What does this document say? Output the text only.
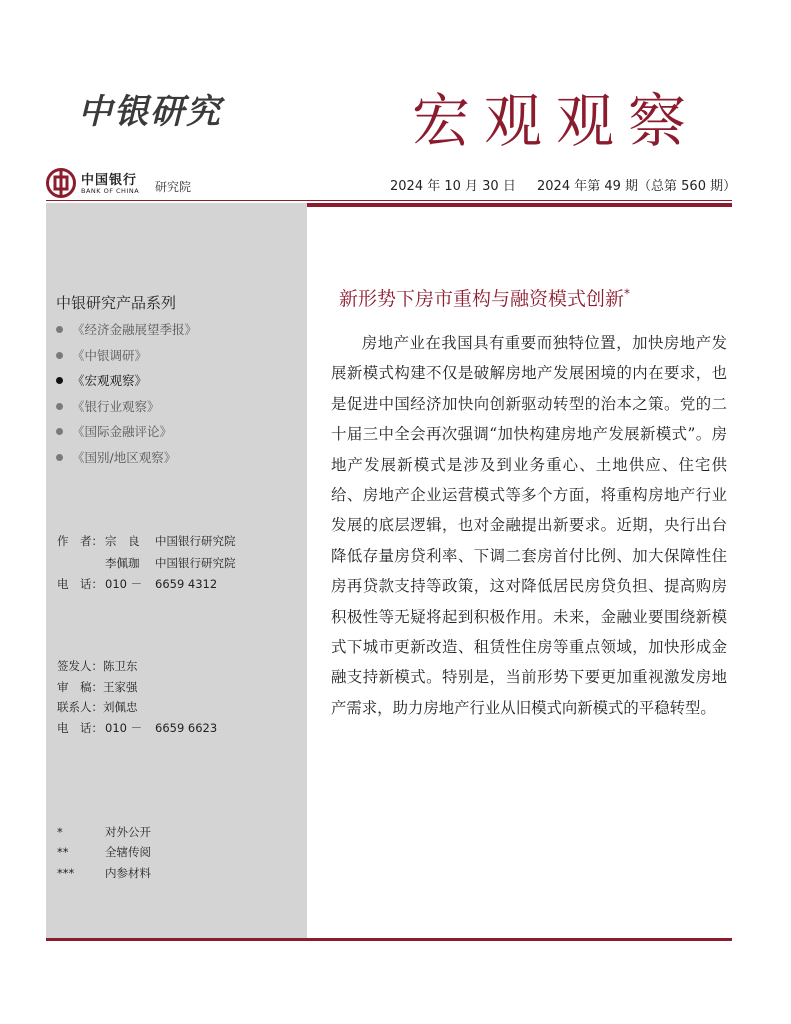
中银研究	宏观观察
中国银行
BANK OF CHINA 研究院	2024 年 10 月 30 日 2024 年第 49 期（总第 560 期）
中银研究产品系列
《经济金融展望季报》
《中银调研》
《宏观观察》
《银行业观察》
《国际金融评论》
《国别/地区观察》
作　者： 宗　良 中国银行研究院
李佩珈 中国银行研究院
电　话： 010 － 6659 4312
签发人：陈卫东
审　稿：王家强
联系人：刘佩忠
电　话： 010 － 6659 6623
*	对外公开
**	全辖传阅
***	内参材料
新形势下房市重构与融资模式创新*

房地产业在我国具有重要而独特位置，加快房地产发展新模式构建不仅是破解房地产发展困境的内在要求，也是促进中国经济加快向创新驱动转型的治本之策。党的二十届三中全会再次强调“加快构建房地产发展新模式”。房地产发展新模式是涉及到业务重心、土地供应、住宅供给、房地产企业运营模式等多个方面，将重构房地产行业发展的底层逻辑，也对金融提出新要求。近期，央行出台降低存量房贷利率、下调二套房首付比例、加大保障性住房再贷款支持等政策，这对降低居民房贷负担、提高购房积极性等无疑将起到积极作用。未来，金融业要围绕新模式下城市更新改造、租赁性住房等重点领域，加快形成金融支持新模式。特别是，当前形势下要更加重视激发房地产需求，助力房地产行业从旧模式向新模式的平稳转型。
